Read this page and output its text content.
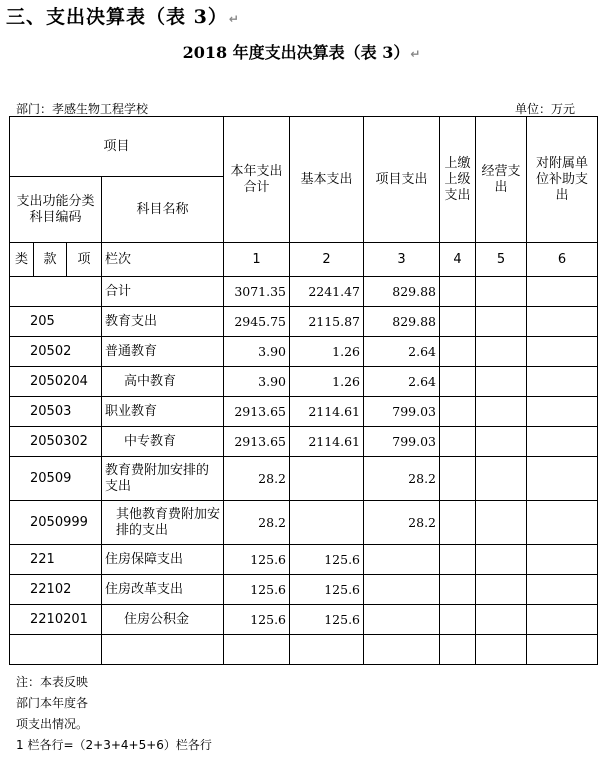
三、支出决算表（表 3）↵
2018 年度支出决算表（表 3）↵
部门：孝感生物工程学校	单位：万元
项目				本年支出合计	基本支出	项目支出	上缴上级支出	经营支出	对附属单位补助支出
支出功能分类科目编码			科目名称						
类	款	项	栏次	1	2	3	4	5	6
			合计	3071.35	2241.47	829.88			
205			教育支出	2945.75	2115.87	829.88			
20502			普通教育	3.90	1.26	2.64			
2050204			高中教育	3.90	1.26	2.64			
20503			职业教育	2913.65	2114.61	799.03			
2050302			中专教育	2913.65	2114.61	799.03			
20509			教育费附加安排的支出	28.2		28.2			
2050999			其他教育费附加安排的支出	28.2		28.2			
221			住房保障支出	125.6	125.6				
22102			住房改革支出	125.6	125.6				
2210201			住房公积金	125.6	125.6				

注：本表反映
部门本年度各
项支出情况。
1 栏各行=（2+3+4+5+6）栏各行
